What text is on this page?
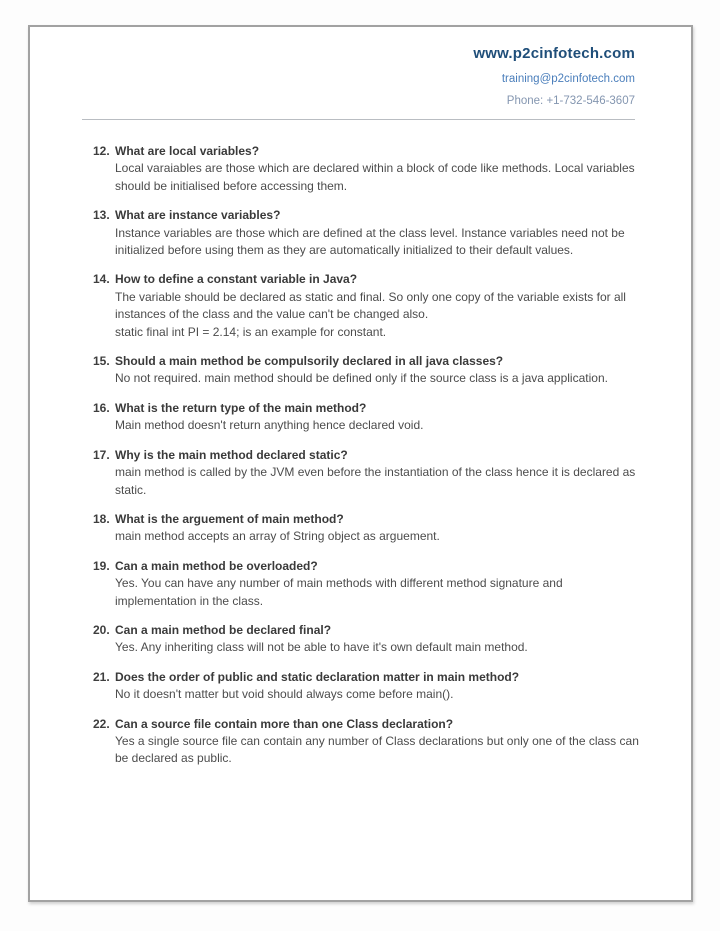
www.p2cinfotech.com
training@p2cinfotech.com
Phone: +1-732-546-3607
12. What are local variables?
Local varaiables are those which are declared within a block of code like methods. Local variables should be initialised before accessing them.
13. What are instance variables?
Instance variables are those which are defined at the class level. Instance variables need not be initialized before using them as they are automatically initialized to their default values.
14. How to define a constant variable in Java?
The variable should be declared as static and final. So only one copy of the variable exists for all instances of the class and the value can't be changed also.
static final int PI = 2.14; is an example for constant.
15. Should a main method be compulsorily declared in all java classes?
No not required. main method should be defined only if the source class is a java application.
16. What is the return type of the main method?
Main method doesn't return anything hence declared void.
17. Why is the main method declared static?
main method is called by the JVM even before the instantiation of the class hence it is declared as static.
18. What is the arguement of main method?
main method accepts an array of String object as arguement.
19. Can a main method be overloaded?
Yes. You can have any number of main methods with different method signature and implementation in the class.
20. Can a main method be declared final?
Yes. Any inheriting class will not be able to have it's own default main method.
21. Does the order of public and static declaration matter in main method?
No it doesn't matter but void should always come before main().
22. Can a source file contain more than one Class declaration?
Yes a single source file can contain any number of Class declarations but only one of the class can be declared as public.
